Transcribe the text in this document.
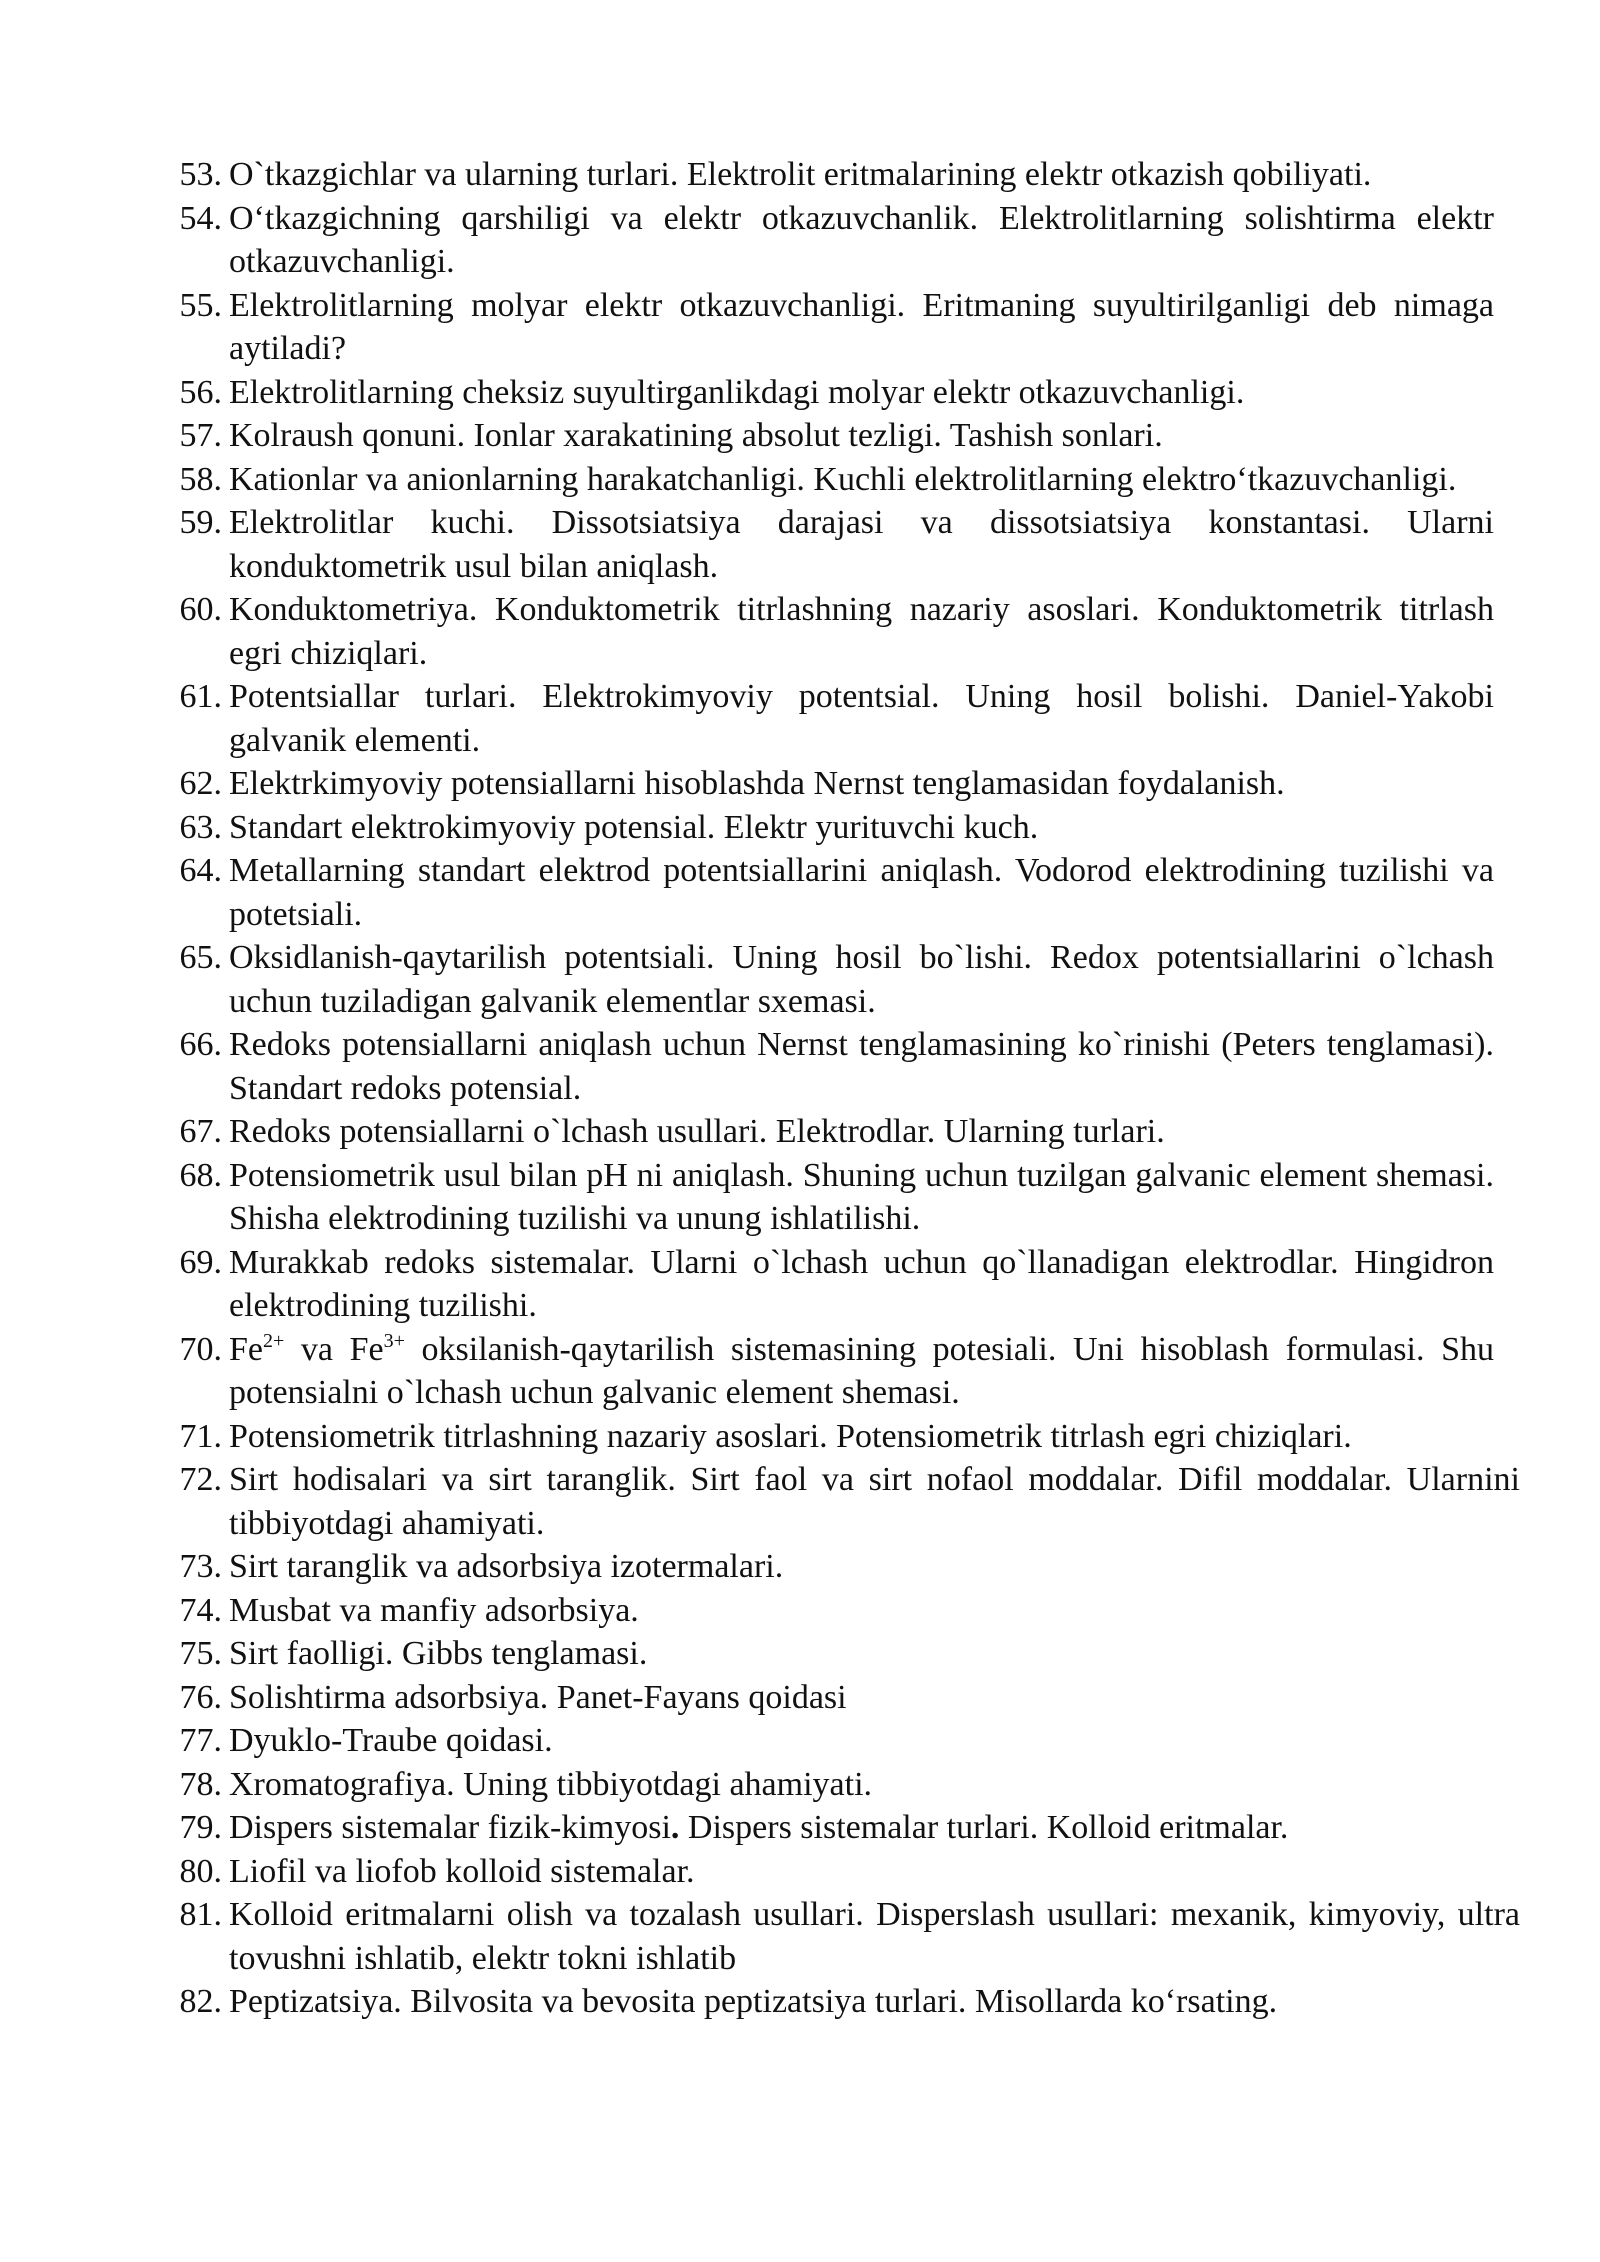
53. O`tkazgichlar va ularning turlari. Elektrolit eritmalarining elektr otkazish qobiliyati.
54. O‘tkazgichning qarshiligi va elektr otkazuvchanlik. Elektrolitlarning solishtirma elektr otkazuvchanligi.
55. Elektrolitlarning molyar elektr otkazuvchanligi. Eritmaning suyultirilganligi deb nimaga aytiladi?
56. Elektrolitlarning cheksiz suyultirganlikdagi molyar elektr otkazuvchanligi.
57. Kolraush qonuni. Ionlar xarakatining absolut tezligi. Tashish sonlari.
58. Kationlar va anionlarning harakatchanligi. Kuchli elektrolitlarning elektro‘tkazuvchanligi.
59. Elektrolitlar kuchi. Dissotsiatsiya darajasi va dissotsiatsiya konstantasi. Ularni konduktometrik usul bilan aniqlash.
60. Konduktometriya. Konduktometrik titrlashning nazariy asoslari. Konduktometrik titrlash egri chiziqlari.
61. Potentsiallar turlari. Elektrokimyoviy potentsial. Uning hosil bolishi. Daniel-Yakobi galvanik elementi.
62. Elektrkimyoviy potensiallarni hisoblashda Nernst tenglamasidan foydalanish.
63. Standart elektrokimyoviy potensial. Elektr yurituvchi kuch.
64. Metallarning standart elektrod potentsiallarini aniqlash. Vodorod elektrodining tuzilishi va potetsiali.
65. Oksidlanish-qaytarilish potentsiali. Uning hosil bo`lishi. Redox potentsiallarini o`lchash uchun tuziladigan galvanik elementlar sxemasi.
66. Redoks potensiallarni aniqlash uchun Nernst tenglamasining ko`rinishi (Peters tenglamasi). Standart redoks potensial.
67. Redoks potensiallarni o`lchash usullari. Elektrodlar. Ularning turlari.
68. Potensiometrik usul bilan pH ni aniqlash. Shuning uchun tuzilgan galvanic element shemasi. Shisha elektrodining tuzilishi va unung ishlatilishi.
69. Murakkab redoks sistemalar. Ularni o`lchash uchun qo`llanadigan elektrodlar. Hingidron elektrodining tuzilishi.
70. $Fe^{2+}$ va $Fe^{3+}$ oksilanish-qaytarilish sistemasining potesiali. Uni hisoblash formulasi. Shu potensialni o`lchash uchun galvanic element shemasi.
71. Potensiometrik titrlashning nazariy asoslari. Potensiometrik titrlash egri chiziqlari.
72. Sirt hodisalari va sirt taranglik. Sirt faol va sirt nofaol moddalar. Difil moddalar. Ularnini tibbiyotdagi ahamiyati.
73. Sirt taranglik va adsorbsiya izotermalari.
74. Musbat va manfiy adsorbsiya.
75. Sirt faolligi. Gibbs tenglamasi.
76. Solishtirma adsorbsiya. Panet-Fayans qoidasi
77. Dyuklo-Traube qoidasi.
78. Xromatografiya. Uning tibbiyotdagi ahamiyati.
79. Dispers sistemalar fizik-kimyosi. Dispers sistemalar turlari. Kolloid eritmalar.
80. Liofil va liofob kolloid sistemalar.
81. Kolloid eritmalarni olish va tozalash usullari. Disperslash usullari: mexanik, kimyoviy, ultra tovushni ishlatib, elektr tokni ishlatib
82. Peptizatsiya. Bilvosita va bevosita peptizatsiya turlari. Misollarda ko‘rsating.
